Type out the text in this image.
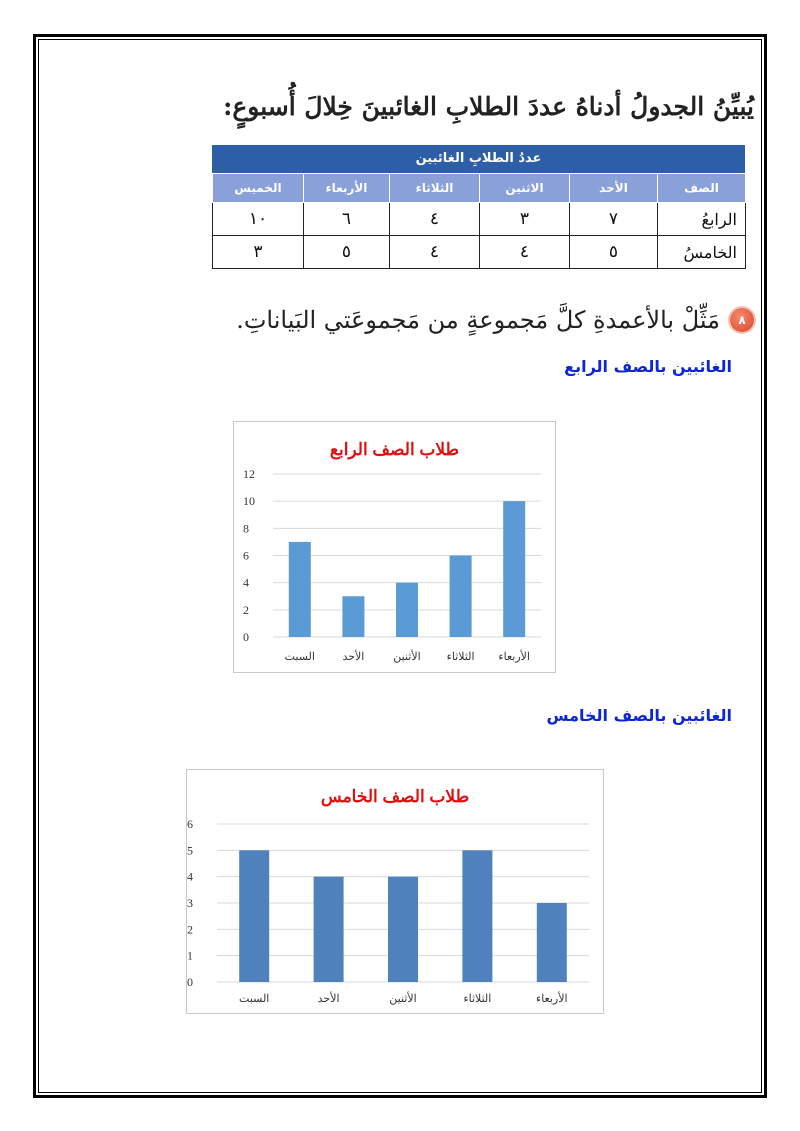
يُبيِّنُ الجدولُ أدناهُ عددَ الطلابِ الغائبينَ خِلالَ أُسبوعٍ:
عددُ الطلابِ الغائبين
الصف	الأحد	الاثنين	الثلاثاء	الأربعاء	الخميس
الرابعُ	٧	٣	٤	٦	١٠
الخامسُ	٥	٤	٤	٥	٣
٨
مَثِّلْ بالأعمدةِ كلَّ مَجموعةٍ من مَجموعَتي البَياناتِ.
الغائبين بالصف الرابع
طلاب الصف الرابع
0
2
4
6
8
10
12
السبت الأحد	الأثنين الثلاثاء الأربعاء
الغائبين بالصف الخامس
طلاب الصف الخامس
0
1
2
3
4
5
6
السبت	الأحد	الأثنين	الثلاثاء	الأربعاء
